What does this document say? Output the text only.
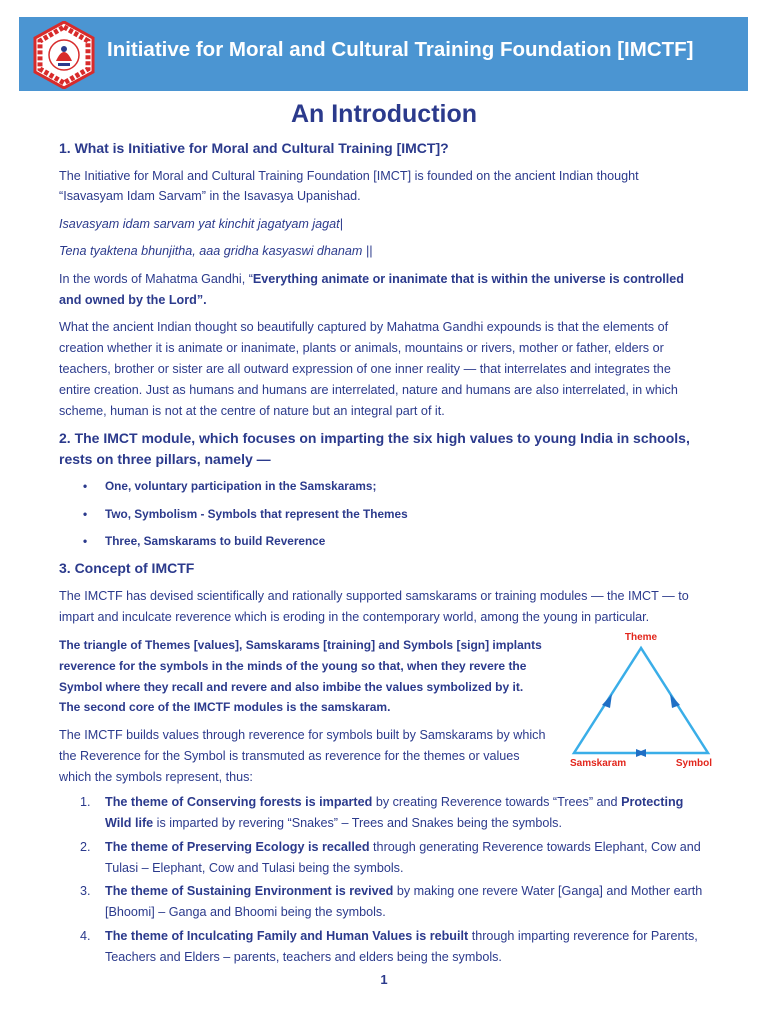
Initiative for Moral and Cultural Training Foundation [IMCTF]
An Introduction
1. What is Initiative for Moral and Cultural Training [IMCT]?

The Initiative for Moral and Cultural Training Foundation [IMCT] is founded on the ancient Indian thought

“Isavasyam Idam Sarvam” in the Isavasya Upanishad.

Isavasyam idam sarvam yat kinchit jagatyam jagat|

Tena tyaktena bhunjitha, aaa gridha kasyaswi dhanam ||

In the words of Mahatma Gandhi, “Everything animate or inanimate that is within the universe is controlled

and owned by the Lord”.

What the ancient Indian thought so beautifully captured by Mahatma Gandhi expounds is that the elements of

creation whether it is animate or inanimate, plants or animals, mountains or rivers, mother or father, elders or

teachers, brother or sister are all outward expression of one inner reality — that interrelates and integrates the

entire creation. Just as humans and humans are interrelated, nature and humans are also interrelated, in which

scheme, human is not at the centre of nature but an integral part of it.

2. The IMCT module, which focuses on imparting the six high values to young India in schools,
rests on three pillars, namely —
• One, voluntary participation in the Samskarams;
• Two, Symbolism - Symbols that represent the Themes
• Three, Samskarams to build Reverence
3. Concept of IMCTF

The IMCTF has devised scientifically and rationally supported samskarams or training modules — the IMCT — to

impart and inculcate reverence which is eroding in the contemporary world, among the young in particular.

The triangle of Themes [values], Samskarams [training] and Symbols [sign] implants

reverence for the symbols in the minds of the young so that, when they revere the

Symbol where they recall and revere and also imbibe the values symbolized by it.

The second core of the IMCTF modules is the samskaram.

The IMCTF builds values through reverence for symbols built by Samskarams by which

the Reverence for the Symbol is transmuted as reverence for the themes or values

which the symbols represent, thus:

Theme
Samskaram	Symbol
1.	The theme of Conserving forests is imparted by creating Reverence towards “Trees” and Protecting
Wild life is imparted by revering “Snakes” – Trees and Snakes being the symbols.
2.	The theme of Preserving Ecology is recalled through generating Reverence towards Elephant, Cow and
Tulasi – Elephant, Cow and Tulasi being the symbols.
3.	The theme of Sustaining Environment is revived by making one revere Water [Ganga] and Mother earth
[Bhoomi] – Ganga and Bhoomi being the symbols.
4.	The theme of Inculcating Family and Human Values is rebuilt through imparting reverence for Parents,
Teachers and Elders – parents, teachers and elders being the symbols.
1
